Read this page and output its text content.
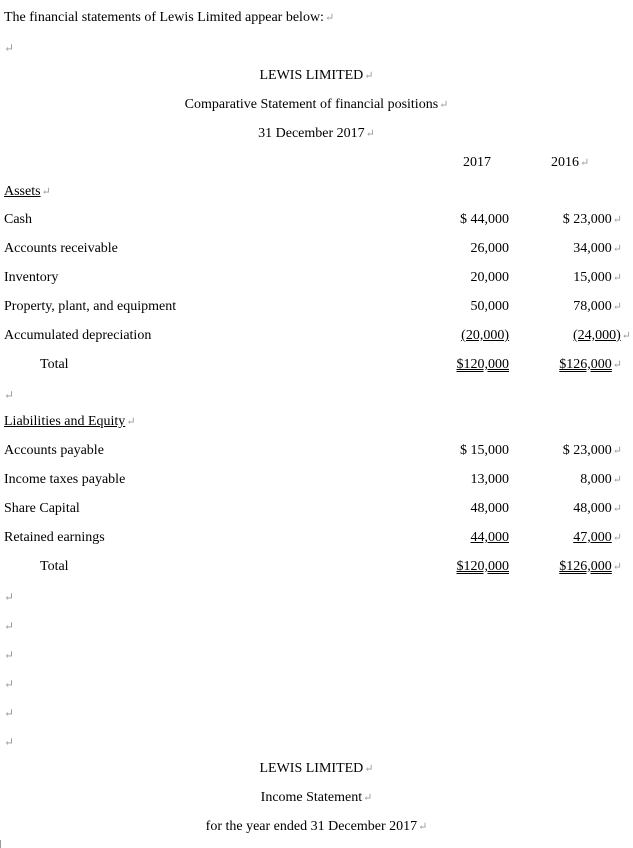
The financial statements of Lewis Limited appear below:↵
↵
LEWIS LIMITED↵
Comparative Statement of financial positions↵
31 December 2017↵
2017	2016↵
Assets↵
Cash	$ 44,000	$ 23,000↵
Accounts receivable	26,000	34,000↵
Inventory	20,000	15,000↵
Property, plant, and equipment	50,000	78,000↵
Accumulated depreciation	(20,000)	(24,000)↵
Total	$120,000	$126,000↵
↵
Liabilities and Equity↵
Accounts payable	$ 15,000	$ 23,000↵
Income taxes payable	13,000	8,000↵
Share Capital	48,000	48,000↵
Retained earnings	44,000	47,000↵
Total	$120,000	$126,000↵
↵
↵
↵
↵
↵
↵
LEWIS LIMITED↵
Income Statement↵
for the year ended 31 December 2017↵
